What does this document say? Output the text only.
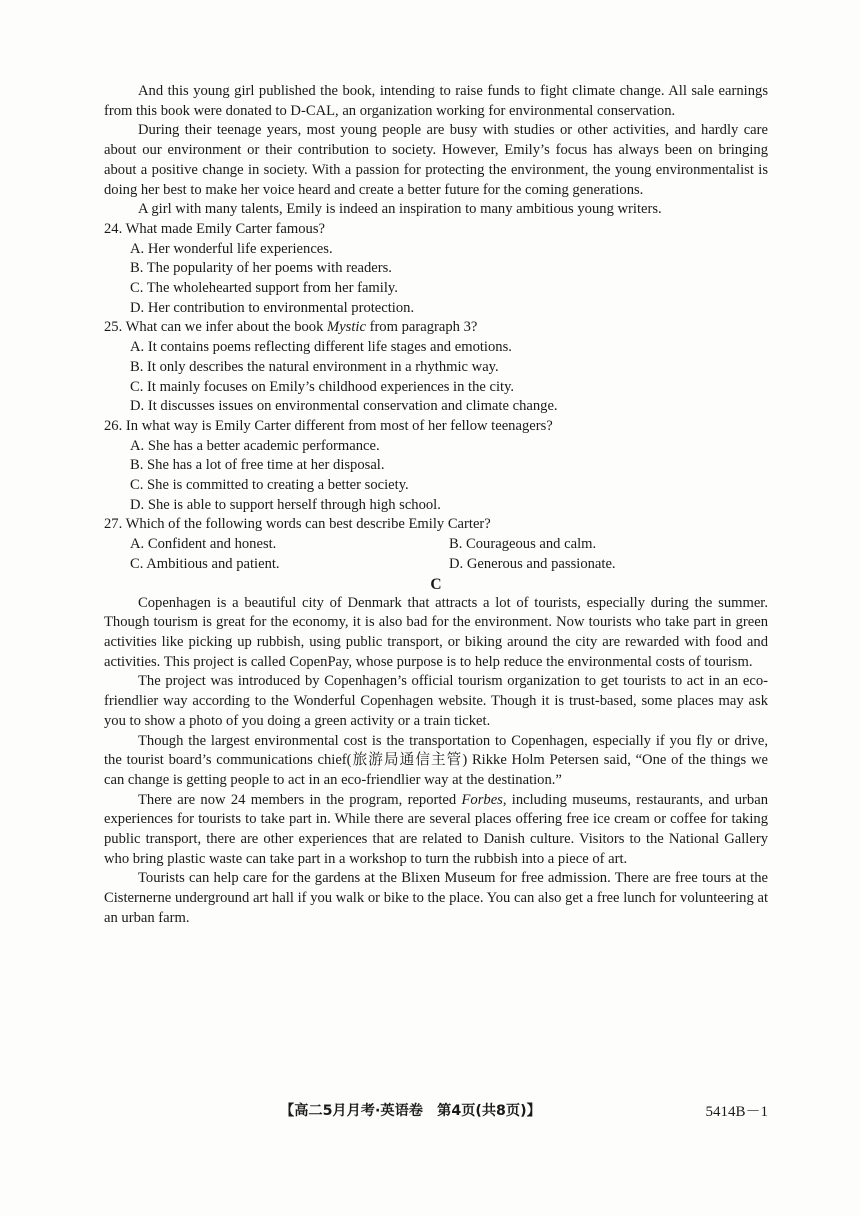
And this young girl published the book, intending to raise funds to fight climate change. All sale earnings from this book were donated to D-CAL, an organization working for environmental conservation.

During their teenage years, most young people are busy with studies or other activities, and hardly care about our environment or their contribution to society. However, Emily’s focus has always been on bringing about a positive change in society. With a passion for protecting the environment, the young environmentalist is doing her best to make her voice heard and create a better future for the coming generations.

A girl with many talents, Emily is indeed an inspiration to many ambitious young writers.

24. What made Emily Carter famous?
A. Her wonderful life experiences.
B. The popularity of her poems with readers.
C. The wholehearted support from her family.
D. Her contribution to environmental protection.
25. What can we infer about the book Mystic from paragraph 3?
A. It contains poems reflecting different life stages and emotions.
B. It only describes the natural environment in a rhythmic way.
C. It mainly focuses on Emily’s childhood experiences in the city.
D. It discusses issues on environmental conservation and climate change.
26. In what way is Emily Carter different from most of her fellow teenagers?
A. She has a better academic performance.
B. She has a lot of free time at her disposal.
C. She is committed to creating a better society.
D. She is able to support herself through high school.
27. Which of the following words can best describe Emily Carter?
A. Confident and honest.	B. Courageous and calm.
C. Ambitious and patient.	D. Generous and passionate.
C

Copenhagen is a beautiful city of Denmark that attracts a lot of tourists, especially during the summer. Though tourism is great for the economy, it is also bad for the environment. Now tourists who take part in green activities like picking up rubbish, using public transport, or biking around the city are rewarded with food and activities. This project is called CopenPay, whose purpose is to help reduce the environmental costs of tourism.

The project was introduced by Copenhagen’s official tourism organization to get tourists to act in an eco-friendlier way according to the Wonderful Copenhagen website. Though it is trust-based, some places may ask you to show a photo of you doing a green activity or a train ticket.

Though the largest environmental cost is the transportation to Copenhagen, especially if you fly or drive, the tourist board’s communications chief(旅游局通信主管) Rikke Holm Petersen said, “One of the things we can change is getting people to act in an eco-friendlier way at the destination.”

There are now 24 members in the program, reported Forbes, including museums, restaurants, and urban experiences for tourists to take part in. While there are several places offering free ice cream or coffee for taking public transport, there are other experiences that are related to Danish culture. Visitors to the National Gallery who bring plastic waste can take part in a workshop to turn the rubbish into a piece of art.

Tourists can help care for the gardens at the Blixen Museum for free admission. There are free tours at the Cisternerne underground art hall if you walk or bike to the place. You can also get a free lunch for volunteering at an urban farm.

【高二5月月考·英语卷　第4页(共8页)】	5414B－1
